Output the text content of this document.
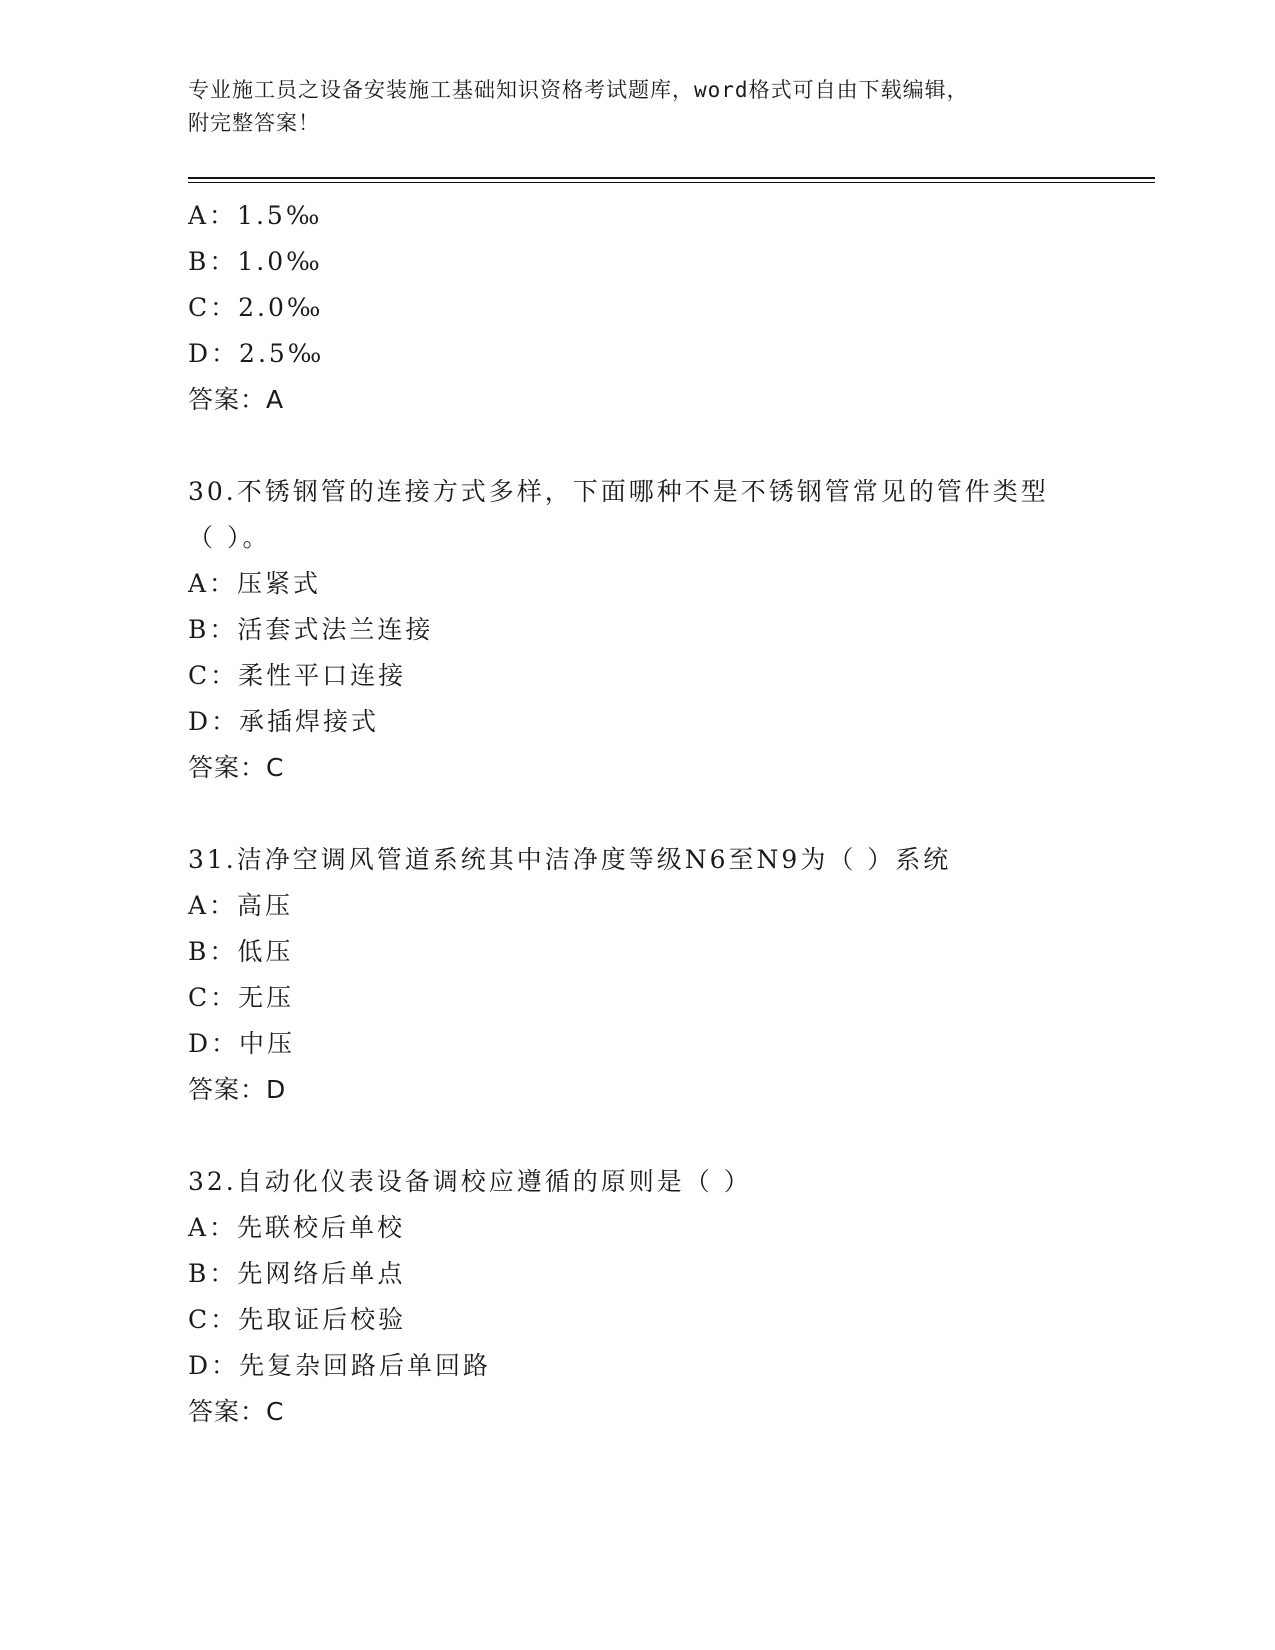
专业施工员之设备安装施工基础知识资格考试题库，word格式可自由下载编辑，
附完整答案！
A：1.5‰
B：1.0‰
C：2.0‰
D：2.5‰
答案：A
30.不锈钢管的连接方式多样，下面哪种不是不锈钢管常见的管件类型
（ ）。
A：压紧式
B：活套式法兰连接
C：柔性平口连接
D：承插焊接式
答案：C
31.洁净空调风管道系统其中洁净度等级N6至N9为（ ）系统
A：高压
B：低压
C：无压
D：中压
答案：D
32.自动化仪表设备调校应遵循的原则是（ ）
A：先联校后单校
B：先网络后单点
C：先取证后校验
D：先复杂回路后单回路
答案：C
